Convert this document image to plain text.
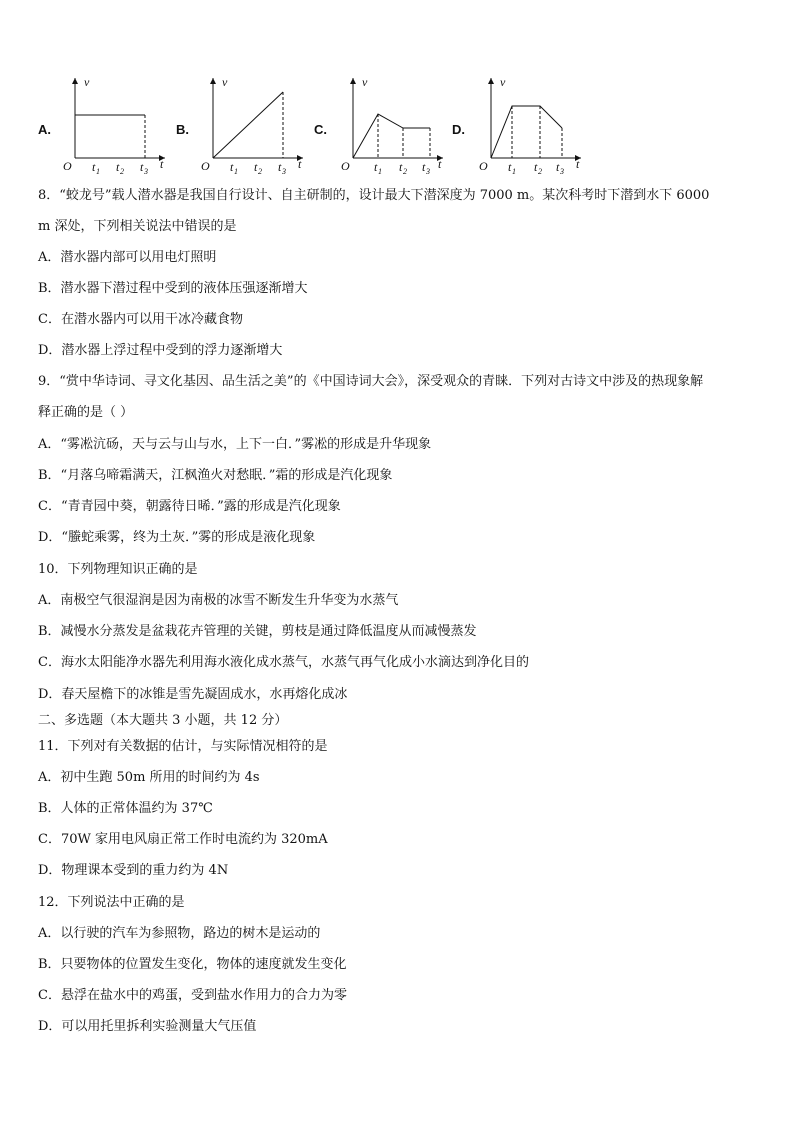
A.
v
O t 1 t 2 t 3
t
B.
v
O t 1 t 2 t 3
t
C.
v
O t 1 t 2 t 3
t
D.
v
O t 1 t 2 t 3
t
8．“蛟龙号”载人潜水器是我国自行设计、自主研制的，设计最大下潜深度为 7000 m。某次科考时下潜到水下 6000
m 深处，下列相关说法中错误的是
A．潜水器内部可以用电灯照明
B．潜水器下潜过程中受到的液体压强逐渐增大
C．在潜水器内可以用干冰冷藏食物
D．潜水器上浮过程中受到的浮力逐渐增大
9．“赏中华诗词、寻文化基因、品生活之美”的《中国诗词大会》，深受观众的青睐．下列对古诗文中涉及的热现象解
释正确的是（ ）
A．“雾凇沆砀，天与云与山与水，上下一白．”雾凇的形成是升华现象
B．“月落乌啼霜满天，江枫渔火对愁眠．”霜的形成是汽化现象
C．“青青园中葵，朝露待日晞．”露的形成是汽化现象
D．“螣蛇乘雾，终为土灰．”雾的形成是液化现象
10．下列物理知识正确的是
A．南极空气很湿润是因为南极的冰雪不断发生升华变为水蒸气
B．减慢水分蒸发是盆栽花卉管理的关键，剪枝是通过降低温度从而减慢蒸发
C．海水太阳能净水器先利用海水液化成水蒸气，水蒸气再气化成小水滴达到净化目的
D．春天屋檐下的冰锥是雪先凝固成水，水再熔化成冰
二、多选题（本大题共 3 小题，共 12 分）
11．下列对有关数据的估计，与实际情况相符的是
A．初中生跑 50m 所用的时间约为 4s
B．人体的正常体温约为 37℃
C．70W 家用电风扇正常工作时电流约为 320mA
D．物理课本受到的重力约为 4N
12．下列说法中正确的是
A．以行驶的汽车为参照物，路边的树木是运动的
B．只要物体的位置发生变化，物体的速度就发生变化
C．悬浮在盐水中的鸡蛋，受到盐水作用力的合力为零
D．可以用托里拆利实验测量大气压值
